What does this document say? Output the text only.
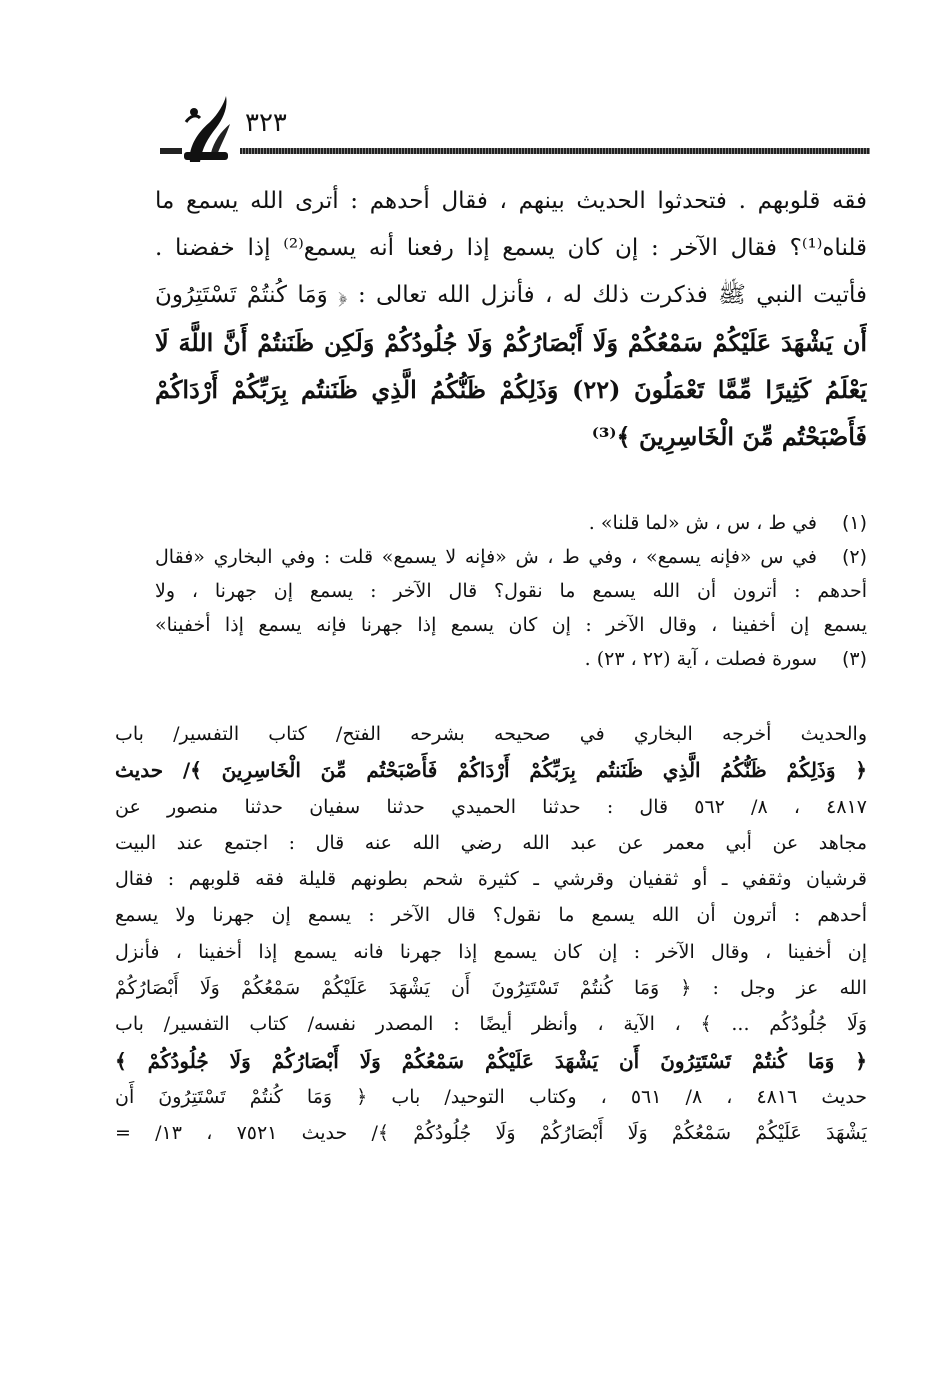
٣٢٣
فقه قلوبهم . فتحدثوا الحديث بينهم ، فقال أحدهم : أترى الله يسمع ما
قلناه⁽¹⁾؟ فقال الآخر : إن كان يسمع إذا رفعنا أنه يسمع⁽²⁾ إذا خفضنا .
فأتيت النبي ﷺ فذكرت ذلك له ، فأنزل الله تعالى : ﴿ وَمَا كُنتُمْ تَسْتَتِرُونَ
أَن يَشْهَدَ عَلَيْكُمْ سَمْعُكُمْ وَلَا أَبْصَارُكُمْ وَلَا جُلُودُكُمْ وَلَكِن ظَنَنتُمْ أَنَّ اللَّهَ لَا
يَعْلَمُ كَثِيرًا مِّمَّا تَعْمَلُونَ (٢٢) وَذَلِكُمْ ظَنُّكُمُ الَّذِي ظَنَنتُم بِرَبِّكُمْ أَرْدَاكُمْ
فَأَصْبَحْتُم مِّنَ الْخَاسِرِينَ ﴾⁽³⁾
(١)
في ط ، س ، ش «لما قلنا» .
(٢)
في س «فإنه يسمع» ، وفي ط ، ش «فإنه لا يسمع» قلت : وفي البخاري «فقال
أحدهم : أترون أن الله يسمع ما نقول؟ قال الآخر : يسمع إن جهرنا ، ولا
يسمع إن أخفينا ، وقال الآخر : إن كان يسمع إذا جهرنا فإنه يسمع إذا أخفينا»
(٣)
سورة فصلت ، آية (٢٢ ، ٢٣) .
والحديث أخرجه البخاري في صحيحه بشرحه الفتح/ كتاب التفسير/ باب
﴿ وَذَلِكُمْ ظَنُّكُمُ الَّذِي ظَنَنتُم بِرَبِّكُمْ أَرْدَاكُمْ فَأَصْبَحْتُم مِّنَ الْخَاسِرِينَ ﴾/ حديث
٤٨١٧ ، ٨/ ٥٦٢ قال : حدثنا الحميدي حدثنا سفيان حدثنا منصور عن
مجاهد عن أبي معمر عن عبد الله رضي الله عنه قال : اجتمع عند البيت
قرشيان وثقفي ـ أو ثقفيان وقرشي ـ كثيرة شحم بطونهم قليلة فقه قلوبهم : فقال
أحدهم : أترون أن الله يسمع ما نقول؟ قال الآخر : يسمع إن جهرنا ولا يسمع
إن أخفينا ، وقال الآخر : إن كان يسمع إذا جهرنا فانه يسمع إذا أخفينا ، فأنزل
الله عز وجل : ﴿ وَمَا كُنتُمْ تَسْتَتِرُونَ أَن يَشْهَدَ عَلَيْكُمْ سَمْعُكُمْ وَلَا أَبْصَارُكُمْ
وَلَا جُلُودُكُم ... ﴾ ، الآية ، وأنظر أيضًا : المصدر نفسه/ كتاب التفسير/ باب
﴿ وَمَا كُنتُمْ تَسْتَتِرُونَ أَن يَشْهَدَ عَلَيْكُمْ سَمْعُكُمْ وَلَا أَبْصَارُكُمْ وَلَا جُلُودُكُمْ ﴾
حديث ٤٨١٦ ، ٨/ ٥٦١ ، وكتاب التوحيد/ باب ﴿ وَمَا كُنتُمْ تَسْتَتِرُونَ أَن
يَشْهَدَ عَلَيْكُمْ سَمْعُكُمْ وَلَا أَبْصَارُكُمْ وَلَا جُلُودُكُمْ ﴾/ حديث ٧٥٢١ ، ١٣/ =
